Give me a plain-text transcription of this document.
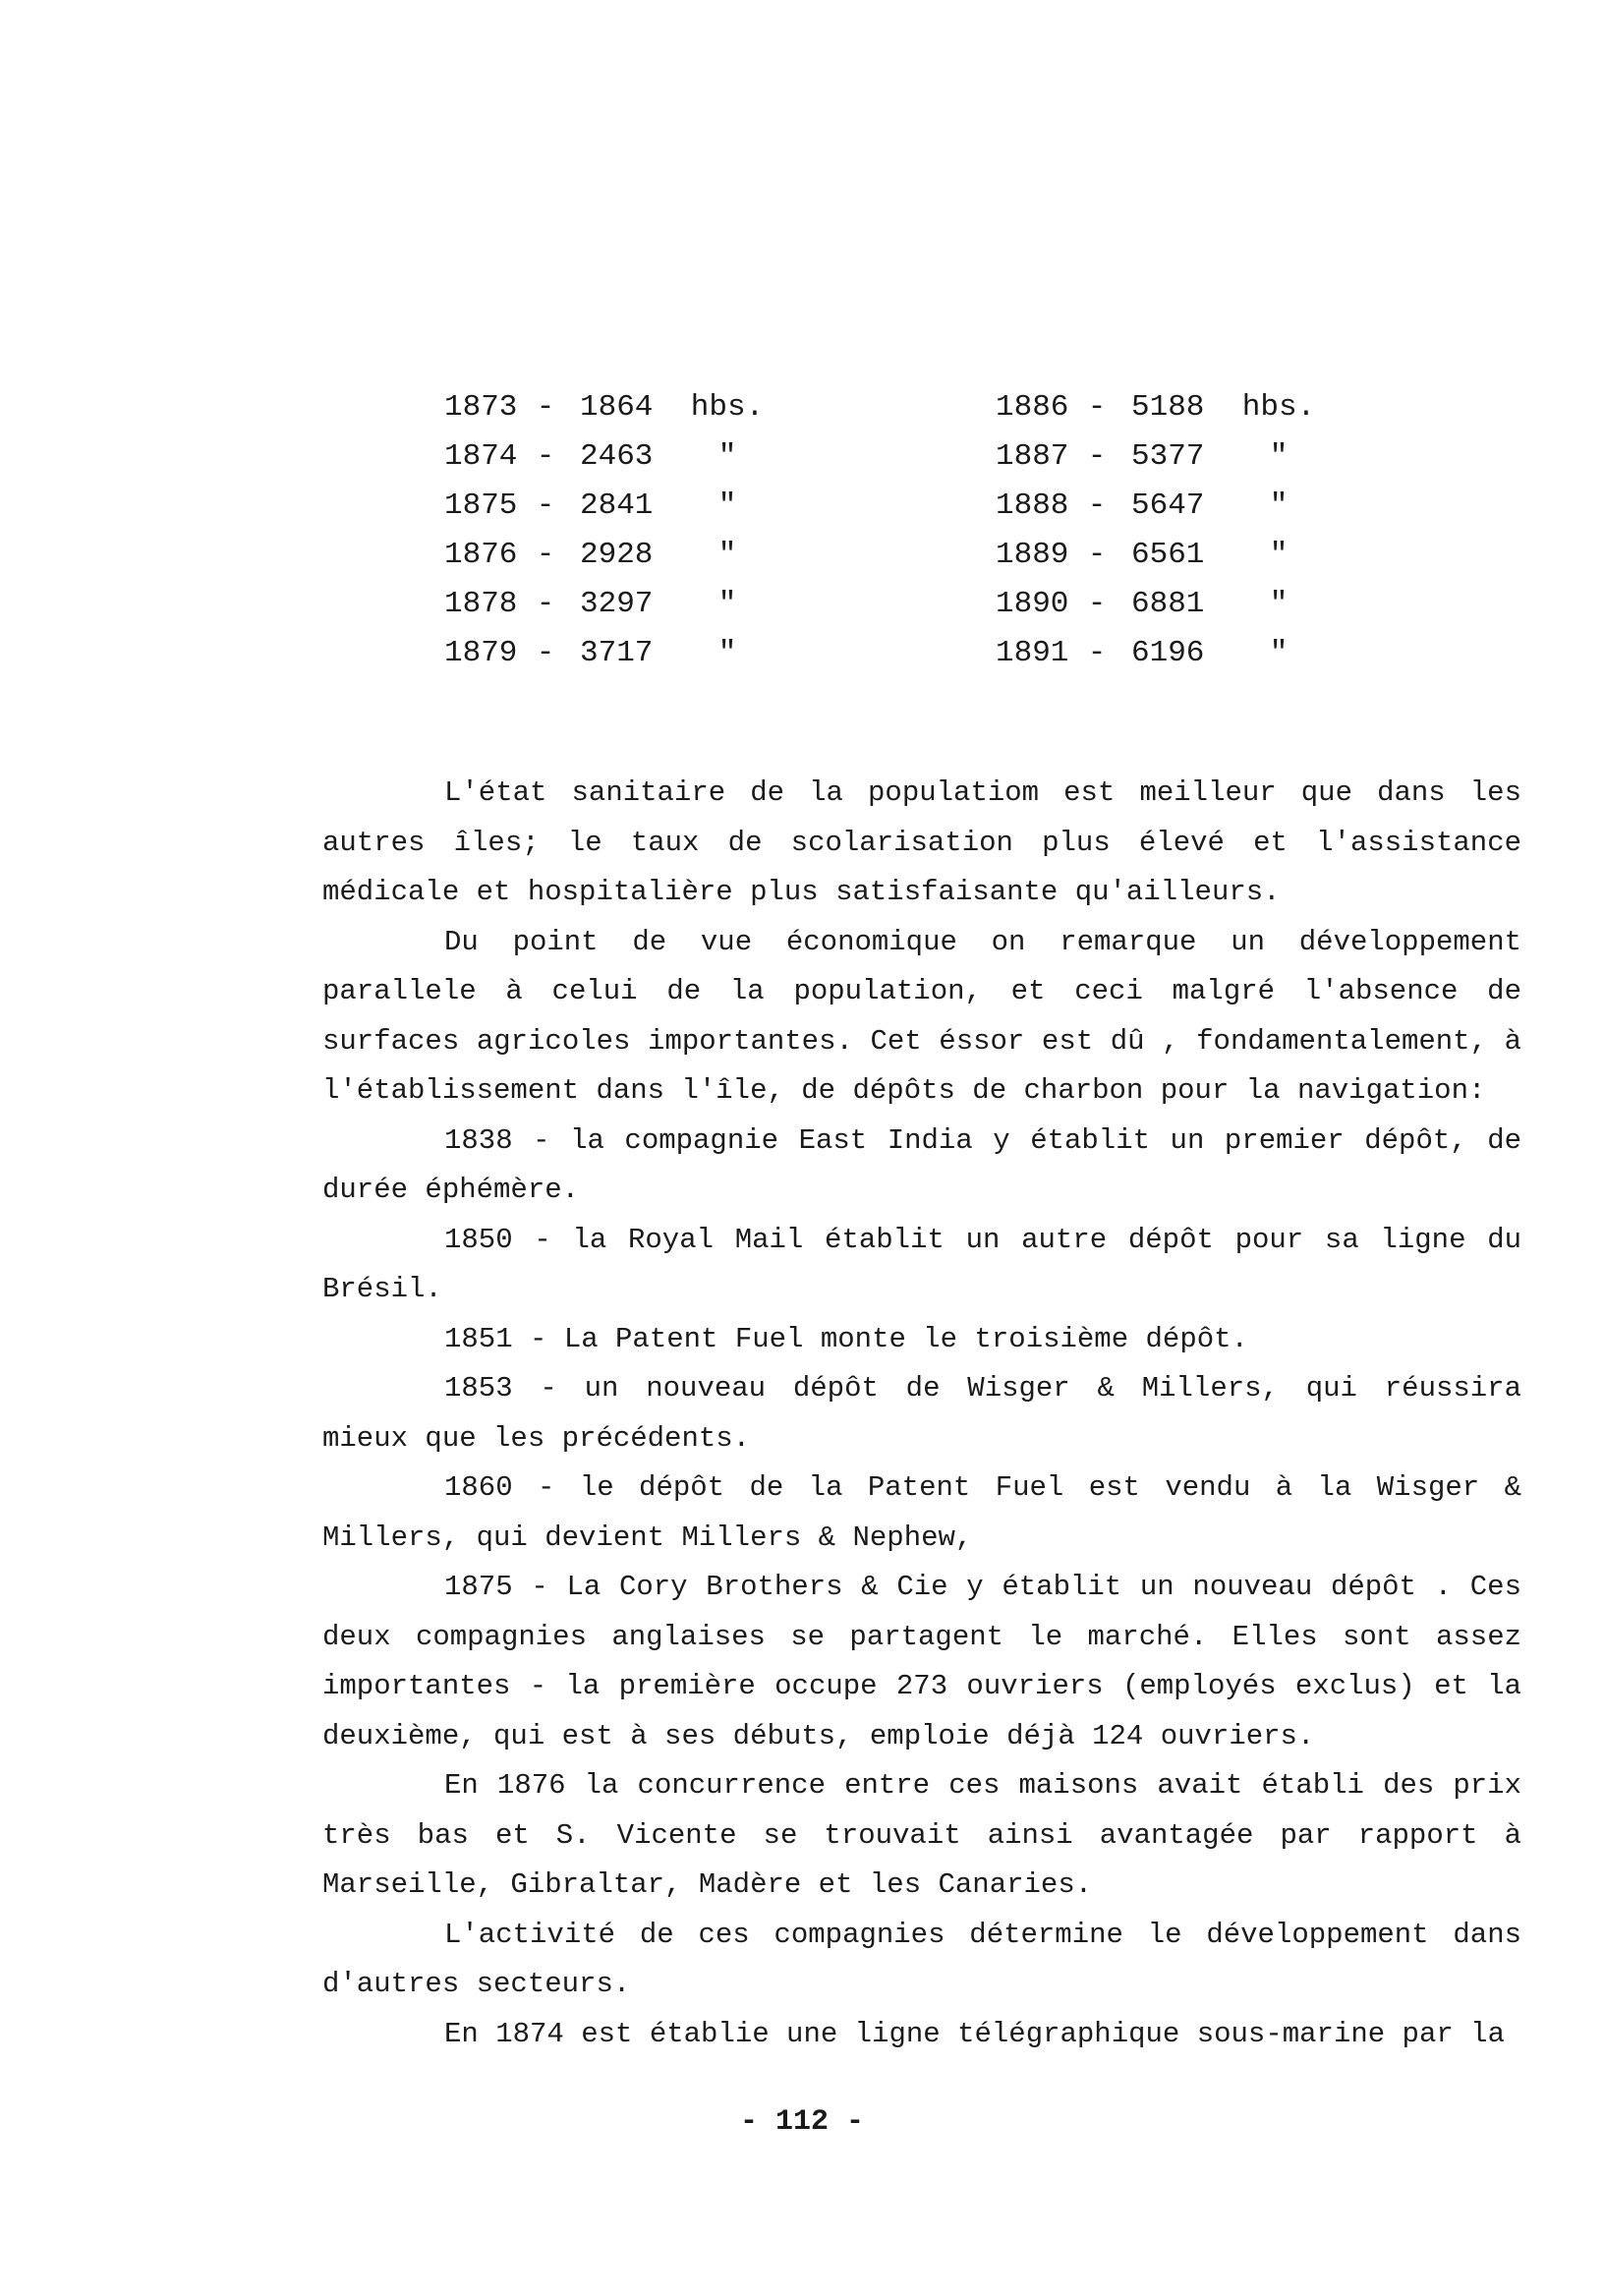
1873 - 1864	hbs.
1874 - 2463	"
1875 - 2841	"
1876 - 2928	"
1878 - 3297	"
1879 - 3717	"
1886 - 5188	hbs.
1887 - 5377	"
1888 - 5647	"
1889 - 6561	"
1890 - 6881	"
1891 - 6196	"

L'état sanitaire de la populatiom est meilleur que dans les autres îles; le taux de scolarisation plus élevé et l'assistance médicale et hospitalière plus satisfaisante qu'ailleurs.

Du point de vue économique on remarque un développement parallele à celui de la population, et ceci malgré l'absence de surfaces agricoles importantes. Cet éssor est dû , fondamentalement, à l'établissement dans l'île, de dépôts de charbon pour la navigation:

1838 - la compagnie East India y établit un premier dépôt, de durée éphémère.

1850 - la Royal Mail établit un autre dépôt pour sa ligne du Brésil.

1851 - La Patent Fuel monte le troisième dépôt.

1853 - un nouveau dépôt de Wisger & Millers, qui réussira mieux que les précédents.

1860 - le dépôt de la Patent Fuel est vendu à la Wisger & Millers, qui devient Millers & Nephew,

1875 - La Cory Brothers & Cie y établit un nouveau dépôt . Ces deux compagnies anglaises se partagent le marché. Elles sont assez importantes - la première occupe 273 ouvriers (employés exclus) et la deuxième, qui est à ses débuts, emploie déjà 124 ouvriers.

En 1876 la concurrence entre ces maisons avait établi des prix très bas et S. Vicente se trouvait ainsi avantagée par rapport à Marseille, Gibraltar, Madère et les Canaries.

L'activité de ces compagnies détermine le développement dans d'autres secteurs.

En 1874 est établie une ligne télégraphique sous-marine par la

- 112 -
